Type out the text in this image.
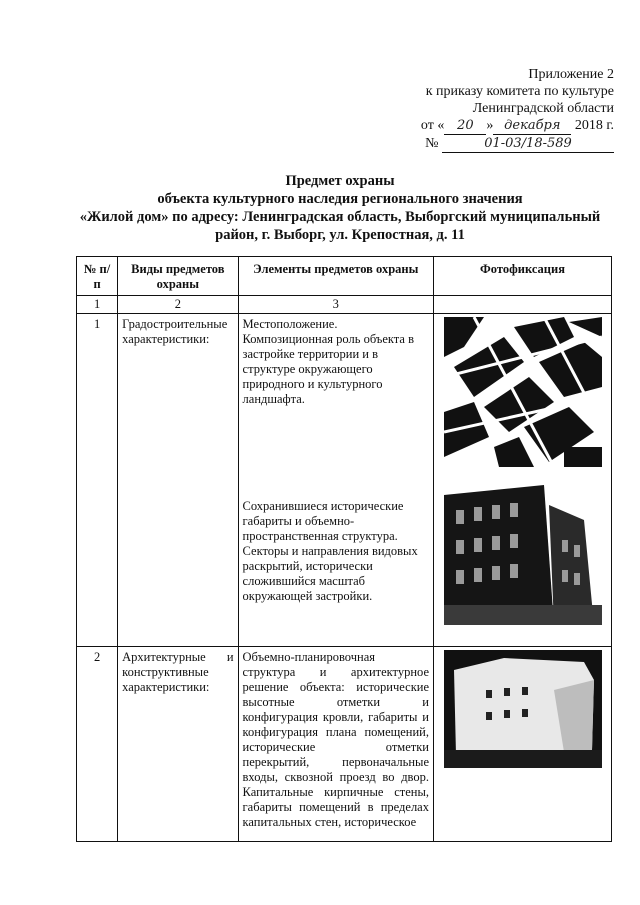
Приложение 2
к приказу комитета по культуре
Ленинградской области
от « 20 » декабря 2018 г.
№	01-03/18-589
Предмет охраны
объекта культурного наследия регионального значения
«Жилой дом» по адресу: Ленинградская область, Выборгский муниципальный
район, г. Выборг, ул. Крепостная, д. 11
№ п/п	Виды предметов охраны	Элементы предметов охраны	Фотофиксация
1	2	3	
1	Градостроительные характеристики:	Местоположение. Композиционная роль объекта в застройке территории и в структуре окружающего природного и культурного ландшафта.
Сохранившиеся исторические габариты и объемно-пространственная структура. Секторы и направления видовых раскрытий, исторически сложившийся масштаб окружающей застройки.

2	Архитектурные и конструктивные характеристики:	Объемно-планировочная структура и архитектурное решение объекта: исторические высотные отметки и конфигурация кровли, габариты и конфигурация плана помещений, исторические отметки перекрытий, первоначальные входы, сквозной проезд во двор. Капитальные кирпичные стены, габариты помещений в пределах капитальных стен, историческое	
